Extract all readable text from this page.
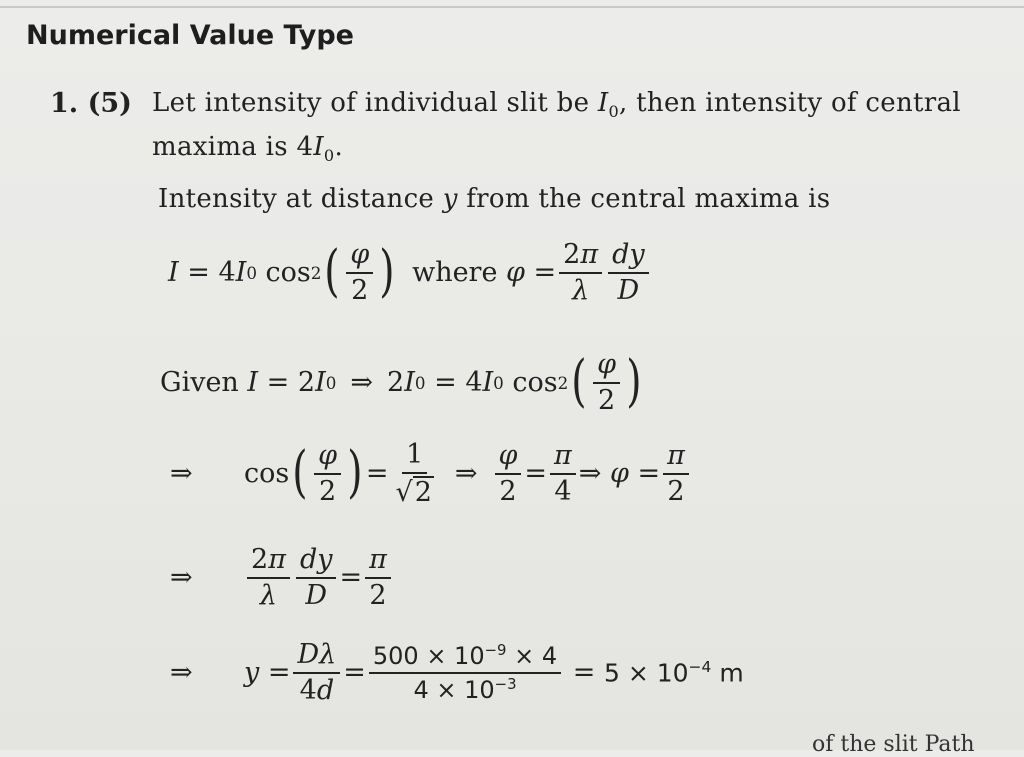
Numerical Value Type
1. (5) Let intensity of individual slit be $I_0$, then intensity of central
maxima is $4I_0$.
Intensity at distance y from the central maxima is
I = 4 I 0 cos 2 ( $\frac{\varphi}{2}$ ) where
$\varphi = \frac{2\pi}{\lambda} \frac{dy}{D}$
Given
I = 2 I 0 ⇒
2 I 0 = 4 I 0 cos 2 ( $\frac{\varphi}{2}$ )
⇒	cos ( $\frac{\varphi}{2}$ ) = $\frac{1}{√ 2}$ ⇒ $\frac{\varphi}{2} = \frac{\pi}{4}$ ⇒ $\varphi = \frac{\pi}{2}$
⇒	$\frac{2\pi}{\lambda} \frac{dy}{D} = \frac{\pi}{2}$
⇒	$y = \frac{D\lambda}{4d} = \frac{500 \times 10^{-9} \times 4}{4 \times 10^{-3}} = 5 \times 10^{-4}$ m
of the slit Path
